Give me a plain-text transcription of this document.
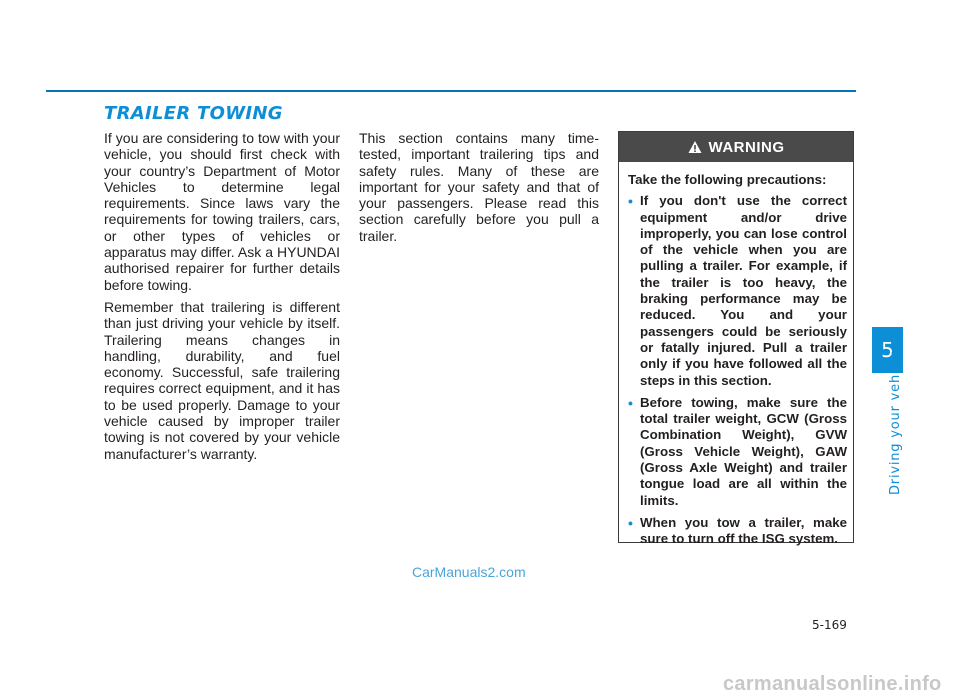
TRAILER TOWING

If you are considering to tow with your vehicle, you should first check with your country’s Department of Motor Vehicles to determine legal requirements. Since laws vary the requirements for towing trailers, cars, or other types of vehicles or apparatus may differ. Ask a HYUNDAI authorised repairer for further details before towing.

Remember that trailering is different than just driving your vehicle by itself. Trailering means changes in handling, durability, and fuel economy. Successful, safe trailering requires correct equipment, and it has to be used properly. Damage to your vehicle caused by improper trailer towing is not covered by your vehicle manufacturer’s warranty.

This section contains many time-tested, important trailering tips and safety rules. Many of these are important for your safety and that of your passengers. Please read this section carefully before you pull a trailer.

WARNING

Take the following precautions:

• If you don't use the correct equipment and/or drive improperly, you can lose control of the vehicle when you are pulling a trailer. For example, if the trailer is too heavy, the braking performance may be reduced. You and your passengers could be seriously or fatally injured. Pull a trailer only if you have followed all the steps in this section.
• Before towing, make sure the total trailer weight, GCW (Gross Combination Weight), GVW (Gross Vehicle Weight), GAW (Gross Axle Weight) and trailer tongue load are all within the limits.
• When you tow a trailer, make sure to turn off the ISG system.
5
Driving your vehicle
CarManuals2.com
5-169
carmanualsonline.info
